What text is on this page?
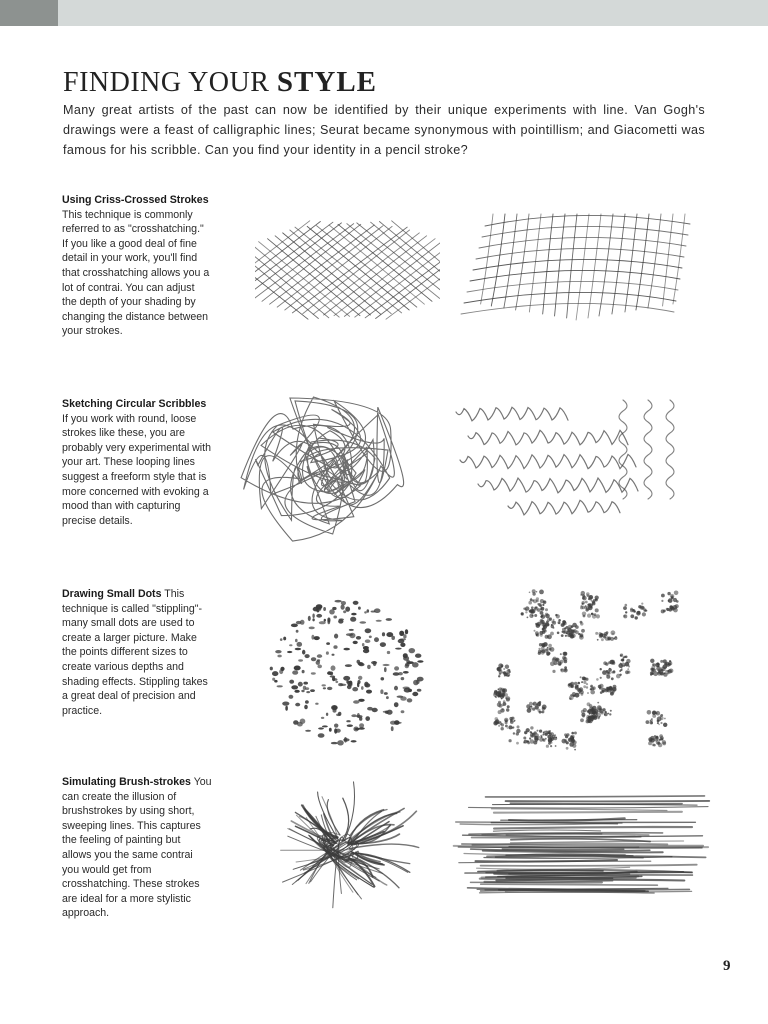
FINDING YOUR STYLE

Many great artists of the past can now be identified by their unique experiments with line. Van Gogh's drawings were a feast of calligraphic lines; Seurat became synonymous with pointillism; and Giacometti was famous for his scribble. Can you find your identity in a pencil stroke?

Using Criss-Crossed Strokes This technique is commonly referred to as "crosshatching." If you like a good deal of fine detail in your work, you'll find that crosshatching allows you a lot of contrai. You can adjust the depth of your shading by changing the distance between your strokes.
Sketching Circular Scribbles If you work with round, loose strokes like these, you are probably very experimental with your art. These looping lines suggest a freeform style that is more concerned with evoking a mood than with capturing precise details.
Drawing Small Dots This technique is called "stippling"-many small dots are used to create a larger picture. Make the points different sizes to create various depths and shading effects. Stippling takes a great deal of precision and practice.
Simulating Brush-strokes You can create the illusion of brushstrokes by using short, sweeping lines. This captures the feeling of painting but allows you the same contrai you would get from crosshatching. These strokes are ideal for a more stylistic approach.
9
